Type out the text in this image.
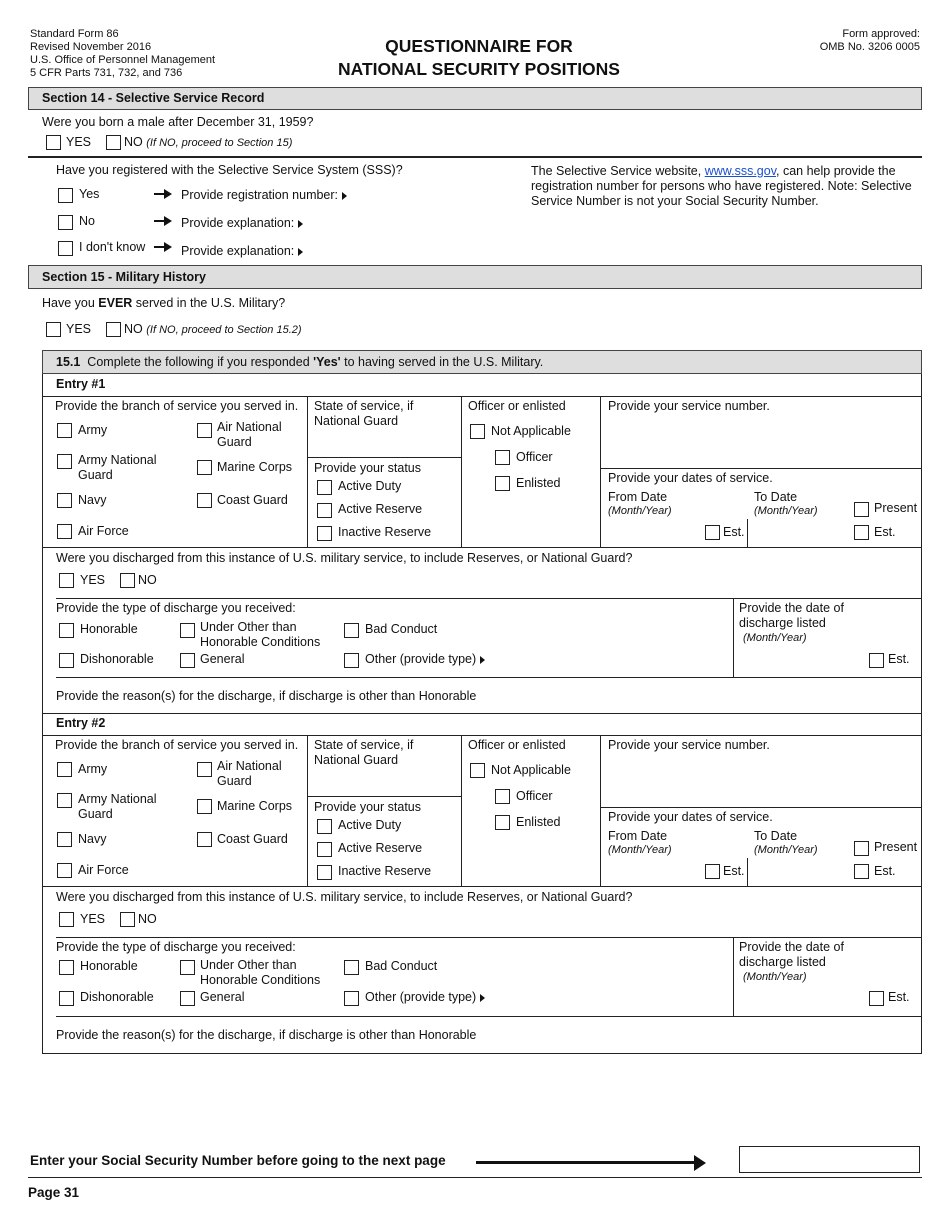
Standard Form 86
Revised November 2016
U.S. Office of Personnel Management
5 CFR Parts 731, 732, and 736
QUESTIONNAIRE FOR
NATIONAL SECURITY POSITIONS
Form approved:
OMB No. 3206 0005
Section 14 - Selective Service Record
Were you born a male after December 31, 1959?
YES	NO (If NO, proceed to Section 15)
Have you registered with the Selective Service System (SSS)?
Yes	Provide registration number:
No	Provide explanation:
I don't know	Provide explanation:
The Selective Service website, www.sss.gov, can help provide the registration number for persons who have registered. Note: Selective Service Number is not your Social Security Number.
Section 15 - Military History
Have you EVER served in the U.S. Military?
YES	NO (If NO, proceed to Section 15.2)
15.1 Complete the following if you responded 'Yes' to having served in the U.S. Military.
Entry #1
Provide the branch of service you served in.
Army	Air National Guard
Army National Guard
Marine Corps
Navy	Coast Guard
Air Force
State of service, if National Guard
Provide your status
Active Duty
Active Reserve
Inactive Reserve
Officer or enlisted
Not Applicable
Officer
Enlisted
Provide your service number.
Provide your dates of service.
From Date
(Month/Year)
To Date
(Month/Year)	Present
Est.	Est.
Were you discharged from this instance of U.S. military service, to include Reserves, or National Guard?
YES	NO
Provide the type of discharge you received:
Honorable	Under Other than Honorable Conditions
Bad Conduct
Dishonorable	General	Other (provide type)
Provide the date of discharge listed
(Month/Year)
Est.
Provide the reason(s) for the discharge, if discharge is other than Honorable
Entry #2
Provide the branch of service you served in.
Army	Air National Guard
Army National Guard
Marine Corps
Navy	Coast Guard
Air Force
State of service, if National Guard
Provide your status
Active Duty
Active Reserve
Inactive Reserve
Officer or enlisted
Not Applicable
Officer
Enlisted
Provide your service number.
Provide your dates of service.
From Date
(Month/Year)
To Date
(Month/Year)	Present
Est.	Est.
Were you discharged from this instance of U.S. military service, to include Reserves, or National Guard?
YES	NO
Provide the type of discharge you received:
Honorable	Under Other than Honorable Conditions
Bad Conduct
Dishonorable	General	Other (provide type)
Provide the date of discharge listed
(Month/Year)
Est.
Provide the reason(s) for the discharge, if discharge is other than Honorable
Enter your Social Security Number before going to the next page
Page 31
